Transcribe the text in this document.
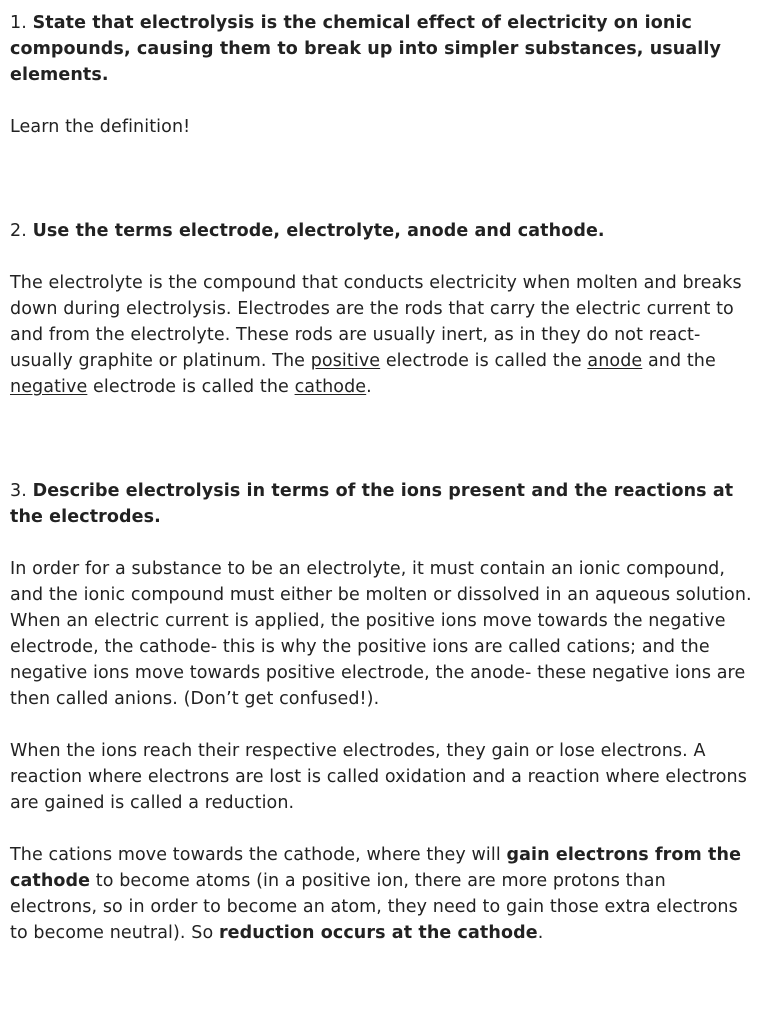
1. State that electrolysis is the chemical effect of electricity on ionic compounds, causing them to break up into simpler substances, usually elements.

Learn the definition!

2. Use the terms electrode, electrolyte, anode and cathode.

The electrolyte is the compound that conducts electricity when molten and breaks down during electrolysis. Electrodes are the rods that carry the electric current to and from the electrolyte. These rods are usually inert, as in they do not react- usually graphite or platinum. The positive electrode is called the anode and the negative electrode is called the cathode.

3. Describe electrolysis in terms of the ions present and the reactions at the electrodes.

In order for a substance to be an electrolyte, it must contain an ionic compound, and the ionic compound must either be molten or dissolved in an aqueous solution. When an electric current is applied, the positive ions move towards the negative electrode, the cathode- this is why the positive ions are called cations; and the negative ions move towards positive electrode, the anode- these negative ions are then called anions. (Don’t get confused!).

When the ions reach their respective electrodes, they gain or lose electrons. A reaction where electrons are lost is called oxidation and a reaction where electrons are gained is called a reduction.

The cations move towards the cathode, where they will gain electrons from the cathode to become atoms (in a positive ion, there are more protons than electrons, so in order to become an atom, they need to gain those extra electrons to become neutral). So reduction occurs at the cathode.
